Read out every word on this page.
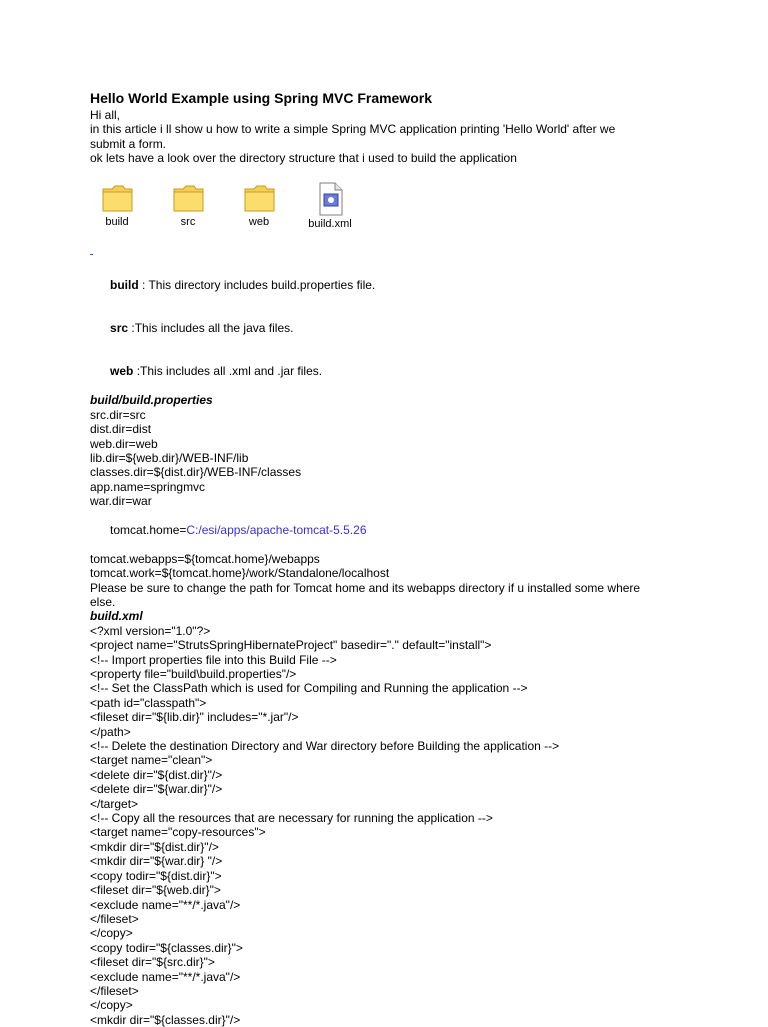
Hello World Example using Spring MVC Framework
Hi all,
in this article i ll show u how to write a simple Spring MVC application printing 'Hello World' after we
submit a form.
ok lets have a look over the directory structure that i used to build the application
build	src	web	build.xml

build : This directory includes build.properties file.

src :This includes all the java files.

web :This includes all .xml and .jar files.

build/build.properties
src.dir=src
dist.dir=dist
web.dir=web
lib.dir=${web.dir}/WEB-INF/lib
classes.dir=${dist.dir}/WEB-INF/classes
app.name=springmvc
war.dir=war

tomcat.home=C:/esi/apps/apache-tomcat-5.5.26

tomcat.webapps=${tomcat.home}/webapps
tomcat.work=${tomcat.home}/work/Standalone/localhost
Please be sure to change the path for Tomcat home and its webapps directory if u installed some where
else.
build.xml
<?xml version="1.0"?>
<project name="StrutsSpringHibernateProject" basedir="." default="install">
<!-- Import properties file into this Build File -->
<property file="build\build.properties"/>
<!-- Set the ClassPath which is used for Compiling and Running the application -->
<path id="classpath">
<fileset dir="${lib.dir}" includes="*.jar"/>
</path>
<!-- Delete the destination Directory and War directory before Building the application -->
<target name="clean">
<delete dir="${dist.dir}"/>
<delete dir="${war.dir}"/>
</target>
<!-- Copy all the resources that are necessary for running the application -->
<target name="copy-resources">
<mkdir dir="${dist.dir}"/>
<mkdir dir="${war.dir} "/>
<copy todir="${dist.dir}">
<fileset dir="${web.dir}">
<exclude name="**/*.java"/>
</fileset>
</copy>
<copy todir="${classes.dir}">
<fileset dir="${src.dir}">
<exclude name="**/*.java"/>
</fileset>
</copy>
<mkdir dir="${classes.dir}"/>
